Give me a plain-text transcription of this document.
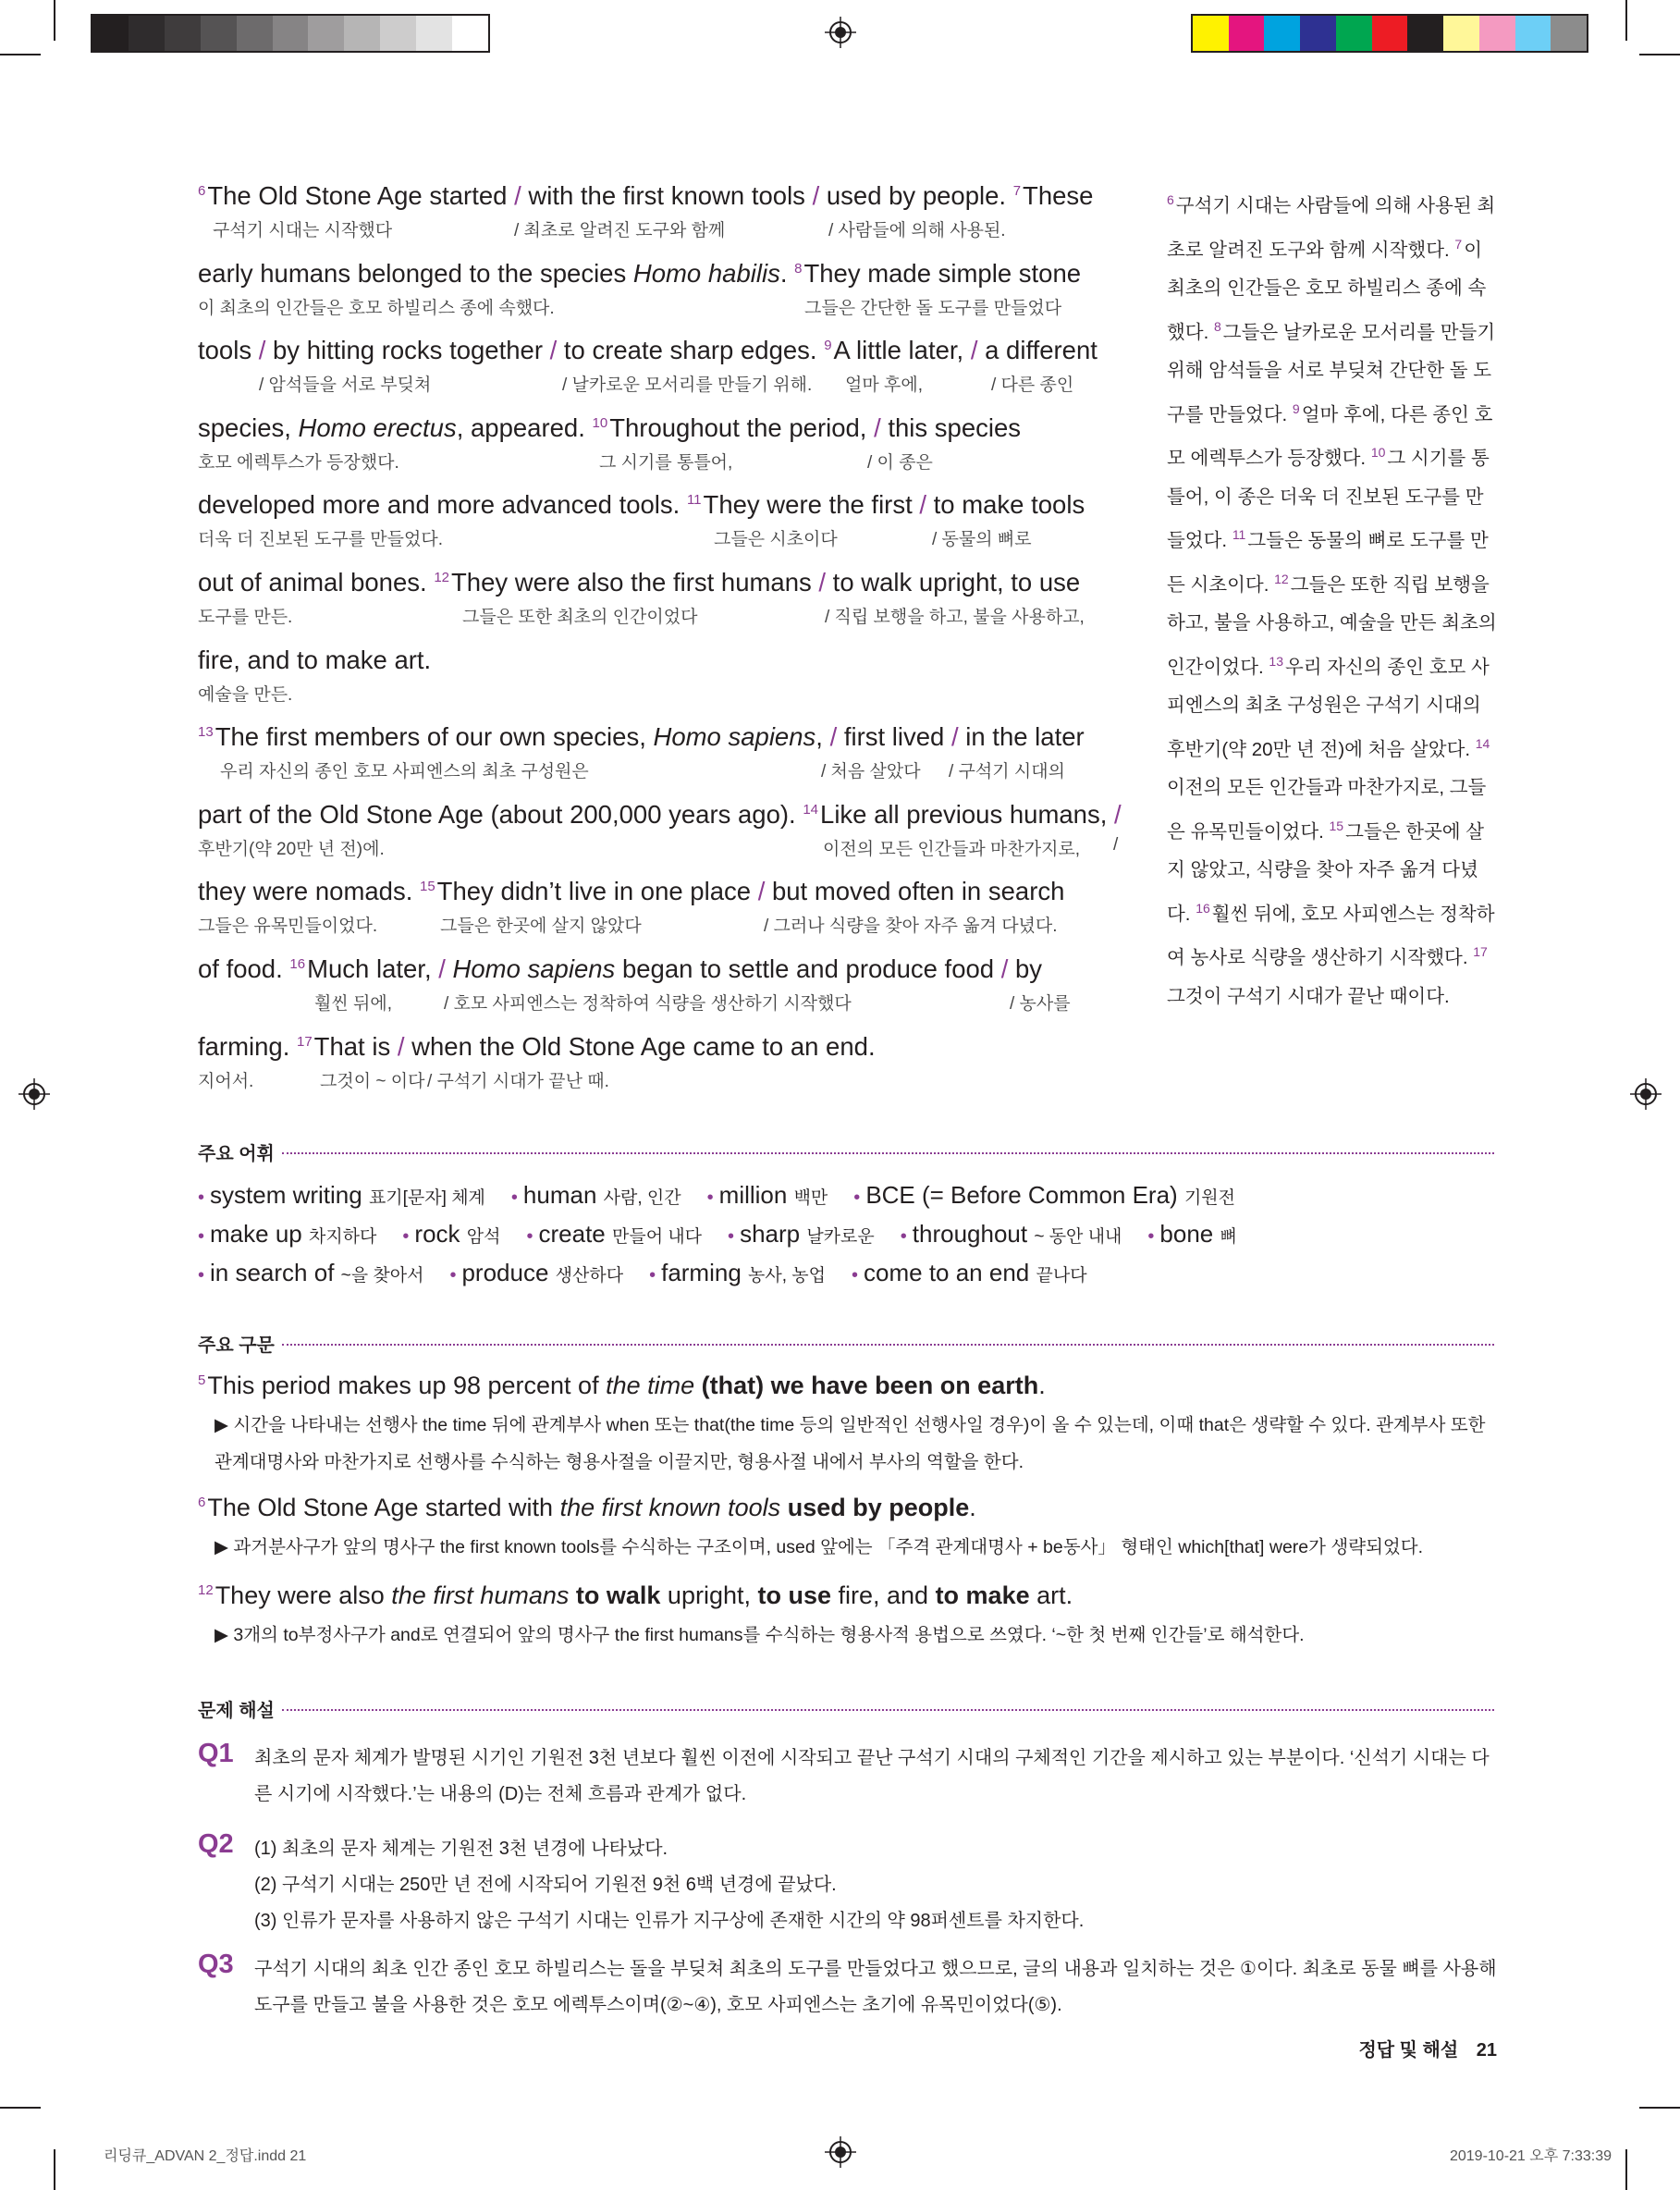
$^6$The Old Stone Age started / with the first known tools / used by people. $^7$These
구석기 시대는 시작했다	/ 최초로 알려진 도구와 함께	/ 사람들에 의해 사용된.
early humans belonged to the species Homo habilis. $^8$They made simple stone
이 최초의 인간들은 호모 하빌리스 종에 속했다.	그들은 간단한 돌 도구를 만들었다
tools / by hitting rocks together / to create sharp edges. $^9$A little later, / a different
/ 암석들을 서로 부딪쳐	/ 날카로운 모서리를 만들기 위해. 얼마 후에,	/ 다른 종인
species, Homo erectus, appeared. $^{10}$Throughout the period, / this species
호모 에렉투스가 등장했다.	그 시기를 통틀어,	/ 이 종은
developed more and more advanced tools. $^{11}$They were the first / to make tools
더욱 더 진보된 도구를 만들었다.	그들은 시초이다	/ 동물의 뼈로
out of animal bones. $^{12}$They were also the first humans / to walk upright, to use
도구를 만든.	그들은 또한 최초의 인간이었다	/ 직립 보행을 하고, 불을 사용하고,
fire, and to make art.
예술을 만든.
$^{13}$The first members of our own species, Homo sapiens, / first lived / in the later
우리 자신의 종인 호모 사피엔스의 최초 구성원은	/ 처음 살았다 / 구석기 시대의
part of the Old Stone Age (about 200,000 years ago). $^{14}$Like all previous humans, /
후반기(약 20만 년 전)에.	이전의 모든 인간들과 마찬가지로, /
they were nomads. $^{15}$They didn’t live in one place / but moved often in search
그들은 유목민들이었다.	그들은 한곳에 살지 않았다	/ 그러나 식량을 찾아 자주 옮겨 다녔다.
of food. $^{16}$Much later, / Homo sapiens began to settle and produce food / by
훨씬 뒤에,	/ 호모 사피엔스는 정착하여 식량을 생산하기 시작했다	/ 농사를
farming. $^{17}$That is / when the Old Stone Age came to an end.
지어서.	그것이 ~ 이다 / 구석기 시대가 끝난 때.
$^6$구석기 시대는 사람들에 의해 사용된 최초로 알려진 도구와 함께 시작했다. $^7$이 최초의 인간들은 호모 하빌리스 종에 속했다. $^8$그들은 날카로운 모서리를 만들기 위해 암석들을 서로 부딪쳐 간단한 돌 도구를 만들었다. $^9$얼마 후에, 다른 종인 호모 에렉투스가 등장했다. $^{10}$그 시기를 통틀어, 이 종은 더욱 더 진보된 도구를 만들었다. $^{11}$그들은 동물의 뼈로 도구를 만든 시초이다. $^{12}$그들은 또한 직립 보행을 하고, 불을 사용하고, 예술을 만든 최초의 인간이었다. $^{13}$우리 자신의 종인 호모 사피엔스의 최초 구성원은 구석기 시대의 후반기(약 20만 년 전)에 처음 살았다. $^{14}$이전의 모든 인간들과 마찬가지로, 그들은 유목민들이었다. $^{15}$그들은 한곳에 살지 않았고, 식량을 찾아 자주 옮겨 다녔다. $^{16}$훨씬 뒤에, 호모 사피엔스는 정착하여 농사로 식량을 생산하기 시작했다. $^{17}$그것이 구석기 시대가 끝난 때이다.
주요 어휘
• system writing 표기[문자] 체계 • human 사람, 인간 • million 백만 • BCE (= Before Common Era) 기원전
• make up 차지하다 • rock 암석 • create 만들어 내다 • sharp 날카로운 • throughout ~ 동안 내내 • bone 뼈
• in search of ~을 찾아서 • produce 생산하다 • farming 농사, 농업 • come to an end 끝나다
주요 구문
$^5$This period makes up 98 percent of the time (that) we have been on earth.
▶ 시간을 나타내는 선행사 the time 뒤에 관계부사 when 또는 that(the time 등의 일반적인 선행사일 경우)이 올 수 있는데, 이때 that은 생략할 수 있다. 관계부사 또한 관계대명사와 마찬가지로 선행사를 수식하는 형용사절을 이끌지만, 형용사절 내에서 부사의 역할을 한다.
$^6$The Old Stone Age started with the first known tools used by people.
▶ 과거분사구가 앞의 명사구 the first known tools를 수식하는 구조이며, used 앞에는 「주격 관계대명사 + be동사」 형태인 which[that] were가 생략되었다.
$^{12}$They were also the first humans to walk upright, to use fire, and to make art.
▶ 3개의 to부정사구가 and로 연결되어 앞의 명사구 the first humans를 수식하는 형용사적 용법으로 쓰였다. ‘~한 첫 번째 인간들’로 해석한다.
문제 해설
Q1 최초의 문자 체계가 발명된 시기인 기원전 3천 년보다 훨씬 이전에 시작되고 끝난 구석기 시대의 구체적인 기간을 제시하고 있는 부분이다. ‘신석기 시대는 다른 시기에 시작했다.’는 내용의 (D)는 전체 흐름과 관계가 없다.
Q2 (1) 최초의 문자 체계는 기원전 3천 년경에 나타났다.
(2) 구석기 시대는 250만 년 전에 시작되어 기원전 9천 6백 년경에 끝났다.
(3) 인류가 문자를 사용하지 않은 구석기 시대는 인류가 지구상에 존재한 시간의 약 98퍼센트를 차지한다.
Q3 구석기 시대의 최초 인간 종인 호모 하빌리스는 돌을 부딪쳐 최초의 도구를 만들었다고 했으므로, 글의 내용과 일치하는 것은 ①이다. 최초로 동물 뼈를 사용해 도구를 만들고 불을 사용한 것은 호모 에렉투스이며(②~④), 호모 사피엔스는 초기에 유목민이었다(⑤).
정답 및 해설 21
리딩큐_ADVAN 2_정답.indd 21	2019-10-21 오후 7:33:39
